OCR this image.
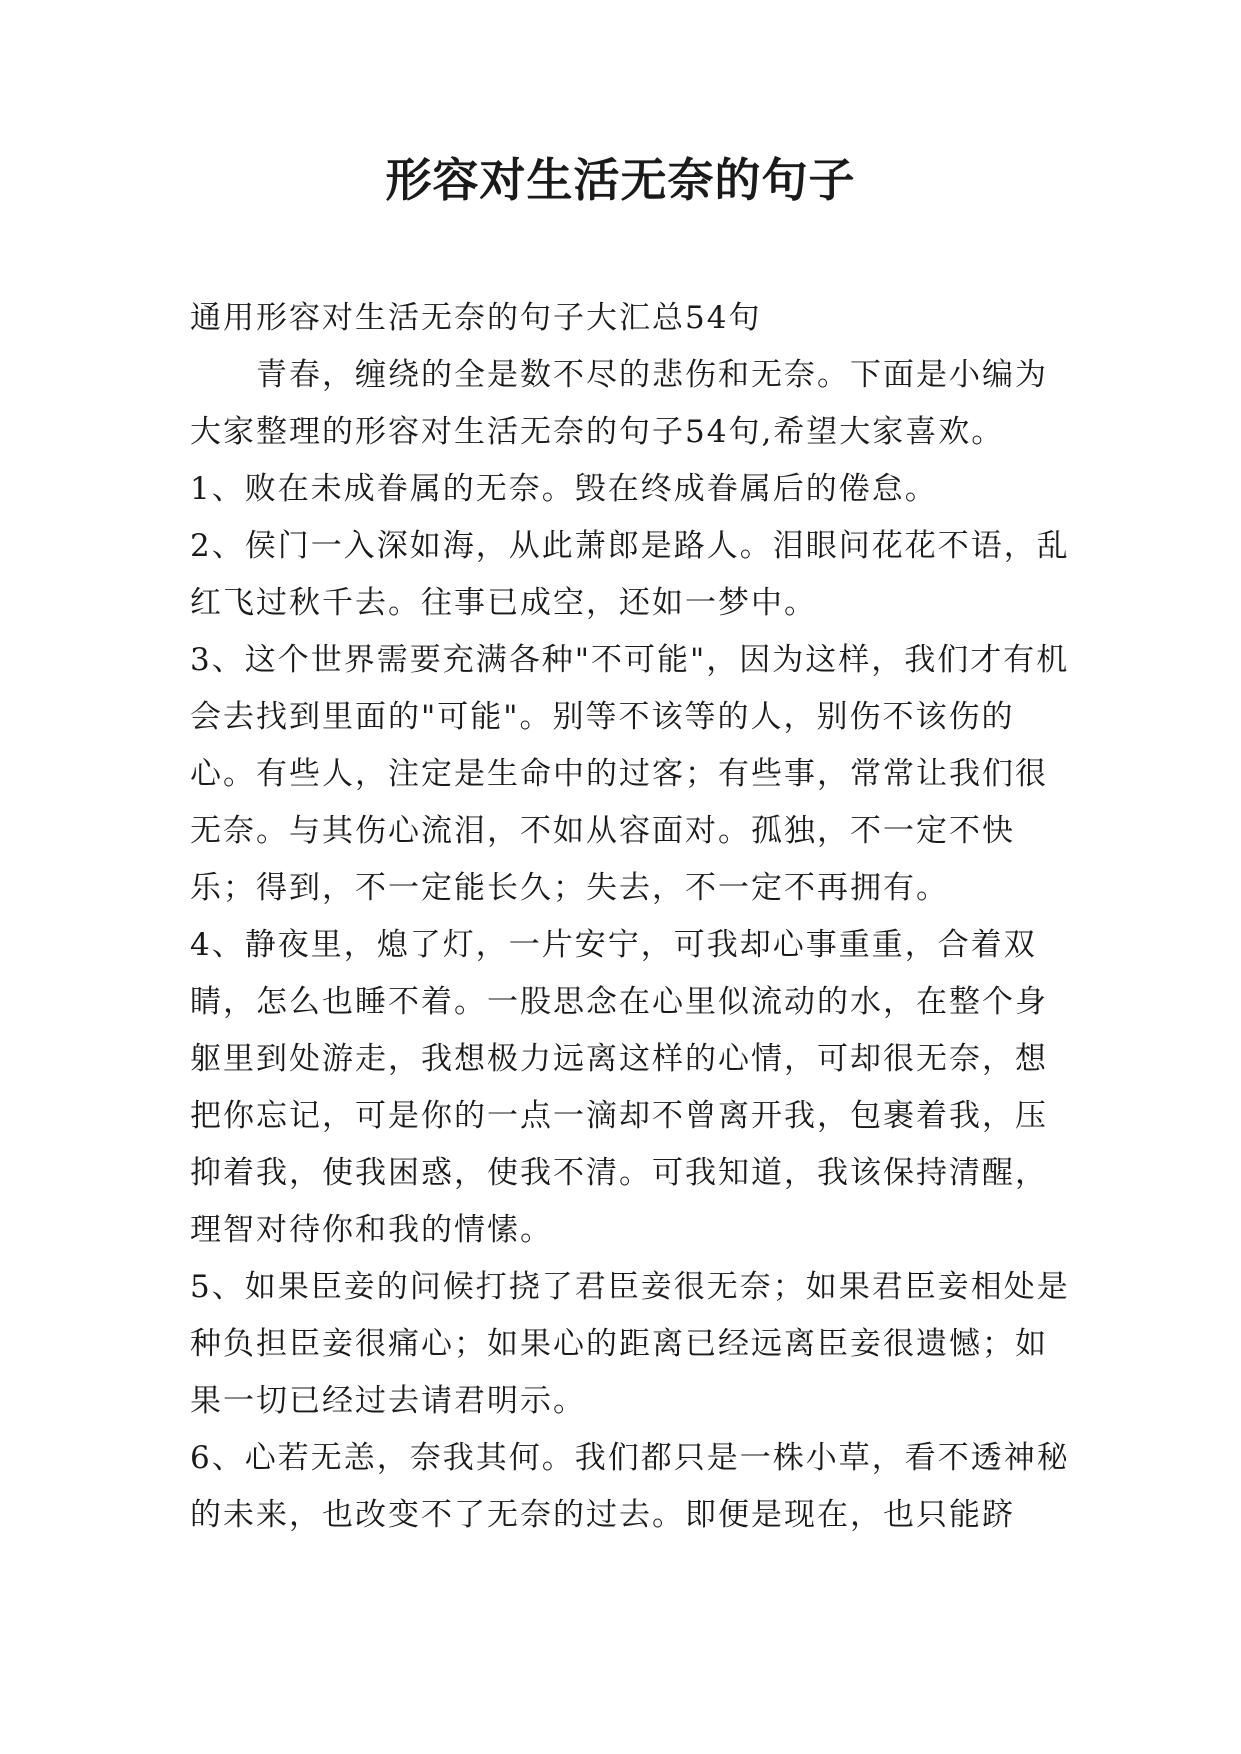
形容对生活无奈的句子

通用形容对生活无奈的句子大汇总54句

青春，缠绕的全是数不尽的悲伤和无奈。下面是小编为大家整理的形容对生活无奈的句子54句,希望大家喜欢。

1、败在未成眷属的无奈。毁在终成眷属后的倦怠。

2、侯门一入深如海，从此萧郎是路人。泪眼问花花不语，乱红飞过秋千去。往事已成空，还如一梦中。

3、这个世界需要充满各种"不可能"，因为这样，我们才有机会去找到里面的"可能"。别等不该等的人，别伤不该伤的心。有些人，注定是生命中的过客；有些事，常常让我们很无奈。与其伤心流泪，不如从容面对。孤独，不一定不快乐；得到，不一定能长久；失去，不一定不再拥有。

4、静夜里，熄了灯，一片安宁，可我却心事重重，合着双睛，怎么也睡不着。一股思念在心里似流动的水，在整个身躯里到处游走，我想极力远离这样的心情，可却很无奈，想把你忘记，可是你的一点一滴却不曾离开我，包裹着我，压抑着我，使我困惑，使我不清。可我知道，我该保持清醒，理智对待你和我的情愫。

5、如果臣妾的问候打挠了君臣妾很无奈；如果君臣妾相处是种负担臣妾很痛心；如果心的距离已经远离臣妾很遗憾；如果一切已经过去请君明示。

6、心若无恙，奈我其何。我们都只是一株小草，看不透神秘的未来，也改变不了无奈的过去。即便是现在，也只能跻
